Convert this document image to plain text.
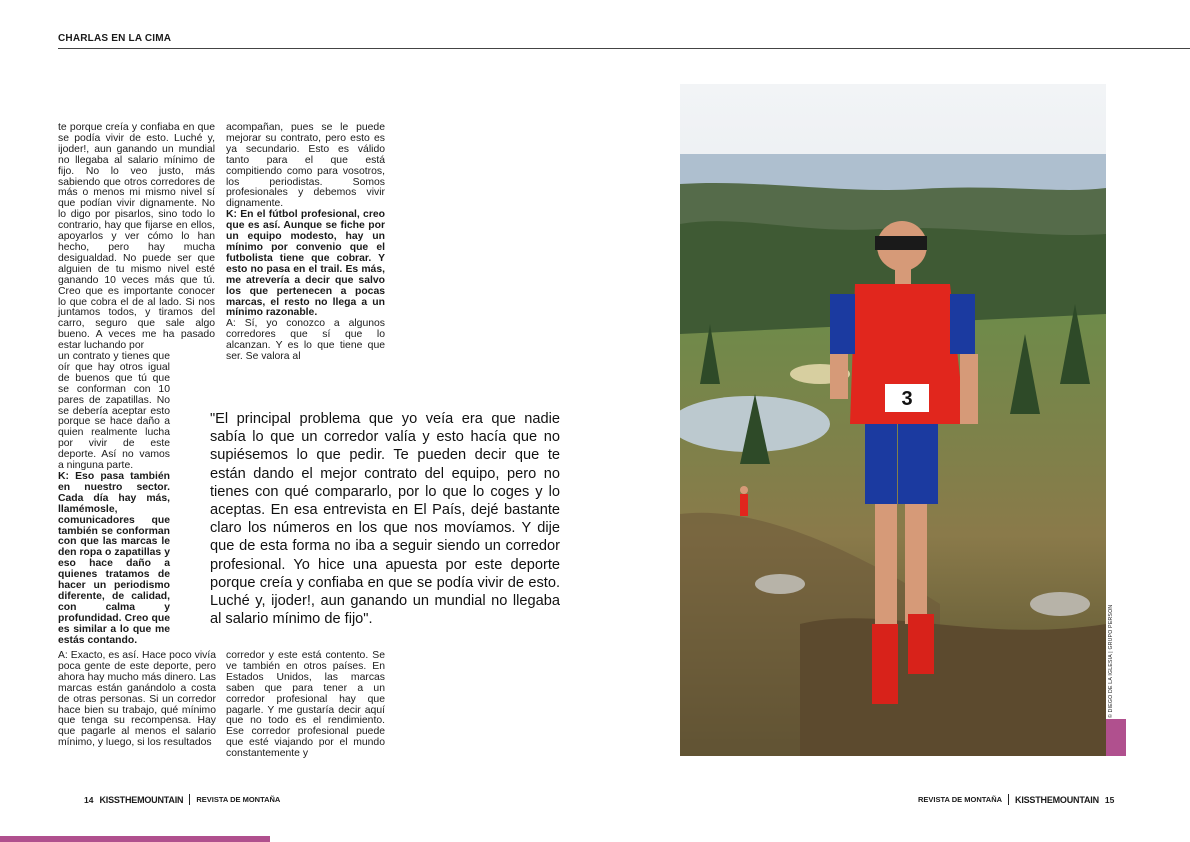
CHARLAS EN LA CIMA

te porque creía y confiaba en que se podía vivir de esto. Luché y, ijoder!, aun ganando un mundial no llegaba al salario mínimo de fijo. No lo veo justo, más sabiendo que otros corredores de más o menos mi mismo nivel sí que podían vivir dignamente. No lo digo por pisarlos, sino todo lo contrario, hay que fijarse en ellos, apoyarlos y ver cómo lo han hecho, pero hay mucha desigualdad. No puede ser que alguien de tu mismo nivel esté ganando 10 veces más que tú. Creo que es importante conocer lo que cobra el de al lado. Si nos juntamos todos, y tiramos del carro, seguro que sale algo bueno. A veces me ha pasado estar luchando por

un contrato y tienes que oír que hay otros igual de buenos que tú que se conforman con 10 pares de zapatillas. No se debería aceptar esto porque se hace daño a quien realmente lucha por vivir de este deporte. Así no vamos a ninguna parte.

K: Eso pasa también en nuestro sector. Cada día hay más, llamémosle, comunicadores que también se conforman con que las marcas le den ropa o zapatillas y eso hace daño a quienes tratamos de hacer un periodismo diferente, de calidad, con calma y profundidad. Creo que es similar a lo que me estás contando.

acompañan, pues se le puede mejorar su contrato, pero esto es ya secundario. Esto es válido tanto para el que está compitiendo como para vosotros, los periodistas. Somos profesionales y debemos vivir dignamente.

K: En el fútbol profesional, creo que es así. Aunque se fiche por un equipo modesto, hay un mínimo por convenio que el futbolista tiene que cobrar. Y esto no pasa en el trail. Es más, me atrevería a decir que salvo los que pertenecen a pocas marcas, el resto no llega a un mínimo razonable.

A: Sí, yo conozco a algunos corredores que sí que lo alcanzan. Y es lo que tiene que ser. Se valora al

A: Exacto, es así. Hace poco vivía poca gente de este deporte, pero ahora hay mucho más dinero. Las marcas están ganándolo a costa de otras personas. Si un corredor hace bien su trabajo, qué mínimo que tenga su recompensa. Hay que pagarle al menos el salario mínimo, y luego, si los resultados

corredor y este está contento. Se ve también en otros países. En Estados Unidos, las marcas saben que para tener a un corredor profesional hay que pagarle. Y me gustaría decir aquí que no todo es el rendimiento. Ese corredor profesional puede que esté viajando por el mundo constantemente y

"El principal problema que yo veía era que nadie sabía lo que un corredor valía y esto hacía que no supiésemos lo que pedir. Te pueden decir que te están dando el mejor contrato del equipo, pero no tienes con qué compararlo, por lo que lo coges y lo aceptas. En esa entrevista en El País, dejé bastante claro los números en los que nos movíamos. Y dije que de esta forma no iba a seguir siendo un corredor profesional. Yo hice una apuesta por este deporte porque creía y confiaba en que se podía vivir de esto. Luché y, ijoder!, aun ganando un mundial no llegaba al salario mínimo de fijo".
3
© DIEGO DE LA IGLESIA | GRUPO PERSON
14 KISSTHEMOUNTAIN REVISTA DE MONTAÑA	REVISTA DE MONTAÑA KISSTHEMOUNTAIN 15
